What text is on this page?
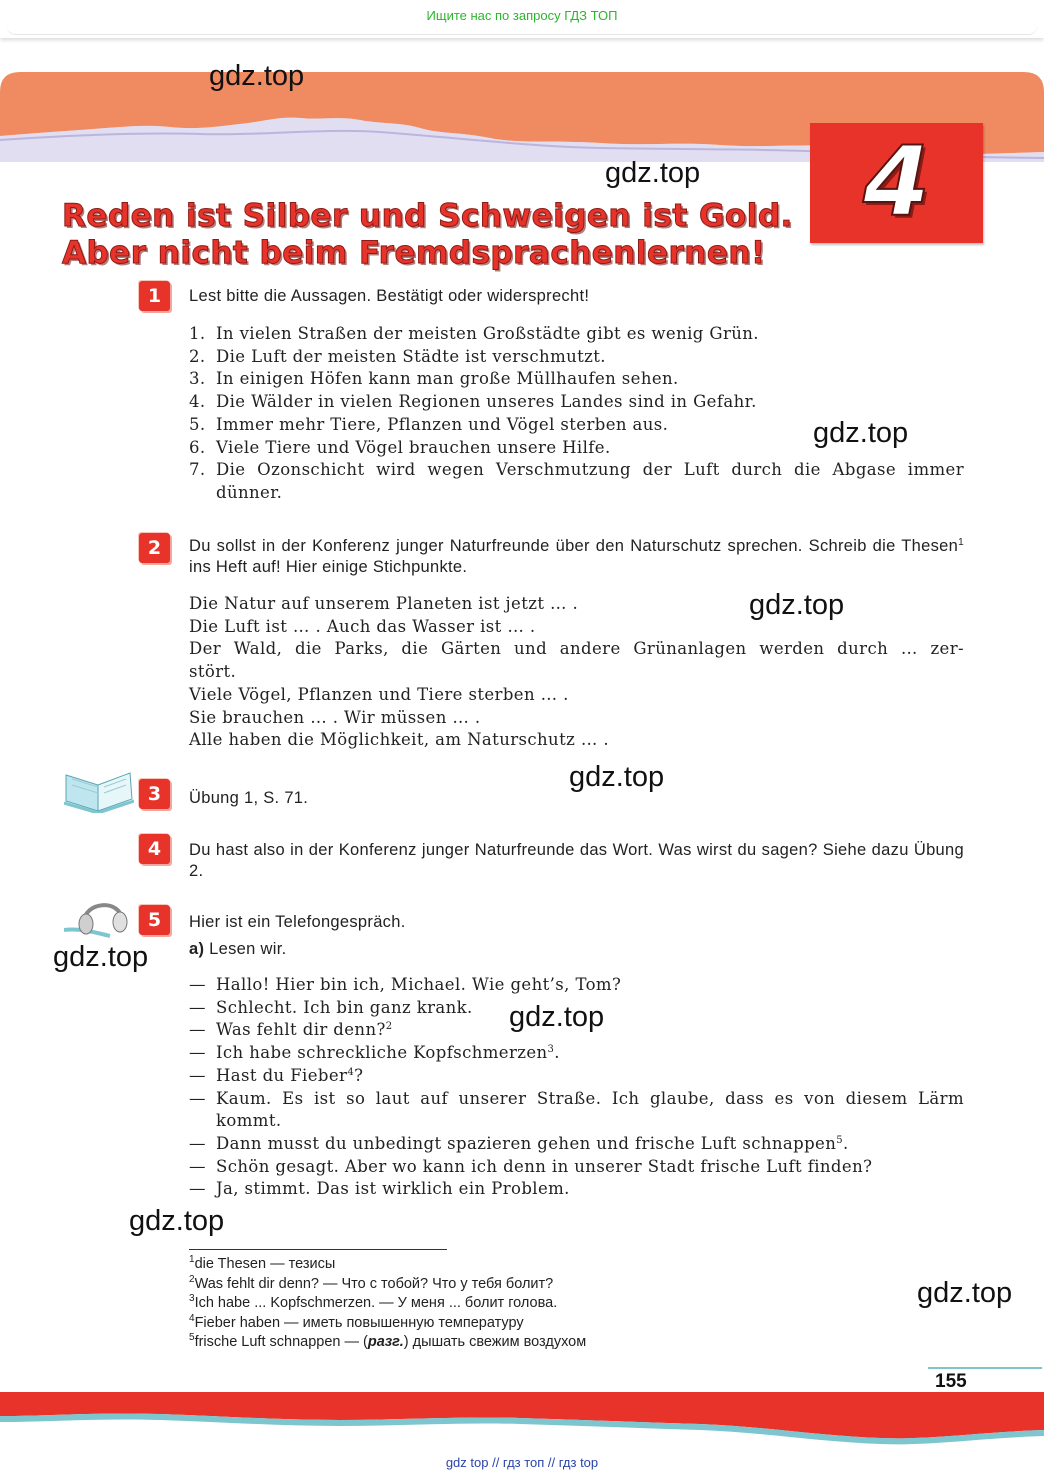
Ищите нас по запросу ГДЗ ТОП
gdz.top
gdz.top	4
Reden ist Silber und Schweigen ist Gold.
Aber nicht beim Fremdsprachenlernen!
1	Lest bitte die Aussagen. Bestätigt oder widersprecht!
1. In vielen Straßen der meisten Großstädte gibt es wenig Grün.
2. Die Luft der meisten Städte ist verschmutzt.
3. In einigen Höfen kann man große Müllhaufen sehen.
4. Die Wälder in vielen Regionen unseres Landes sind in Gefahr.
5. Immer mehr Tiere, Pflanzen und Vögel sterben aus.
6. Viele Tiere und Vögel brauchen unsere Hilfe.
7. Die Ozonschicht wird wegen Verschmutzung der Luft durch die Abgase immer dünner.
gdz.top
2	Du sollst in der Konferenz junger Naturfreunde über den Naturschutz sprechen. Schreib die Thesen$^1$ ins Heft auf! Hier einige Stichpunkte.
Die Natur auf unserem Planeten ist jetzt … .
Die Luft ist … . Auch das Wasser ist … .
Der Wald, die Parks, die Gärten und andere Grünanlagen werden durch … zer-
stört.
Viele Vögel, Pflanzen und Tiere sterben … .
Sie brauchen … . Wir müssen … .
Alle haben die Möglichkeit, am Naturschutz … .
gdz.top
3	Übung 1, S. 71.
gdz.top
4	Du hast also in der Konferenz junger Naturfreunde das Wort. Was wirst du sagen? Siehe dazu Übung 2.
5	Hier ist ein Telefongespräch.
a) Lesen wir.
gdz.top
— Hallo! Hier bin ich, Michael. Wie geht’s, Tom?
— Schlecht. Ich bin ganz krank.
— Was fehlt dir denn?$^2$
— Ich habe schreckliche Kopfschmerzen$^3$.
— Hast du Fieber$^4$?
— Kaum. Es ist so laut auf unserer Straße. Ich glaube, dass es von diesem Lärm kommt.
— Dann musst du unbedingt spazieren gehen und frische Luft schnappen$^5$.
— Schön gesagt. Aber wo kann ich denn in unserer Stadt frische Luft finden?
— Ja, stimmt. Das ist wirklich ein Problem.
gdz.top
gdz.top
$^1$die Thesen — тезисы
$^2$Was fehlt dir denn? — Что с тобой? Что у тебя болит?
$^3$Ich habe ... Kopfschmerzen. — У меня ... болит голова.
$^4$Fieber haben — иметь повышенную температуру
$^5$frische Luft schnappen — (разг.) дышать свежим воздухом
gdz.top
155
gdz top // гдз топ // гдз top
